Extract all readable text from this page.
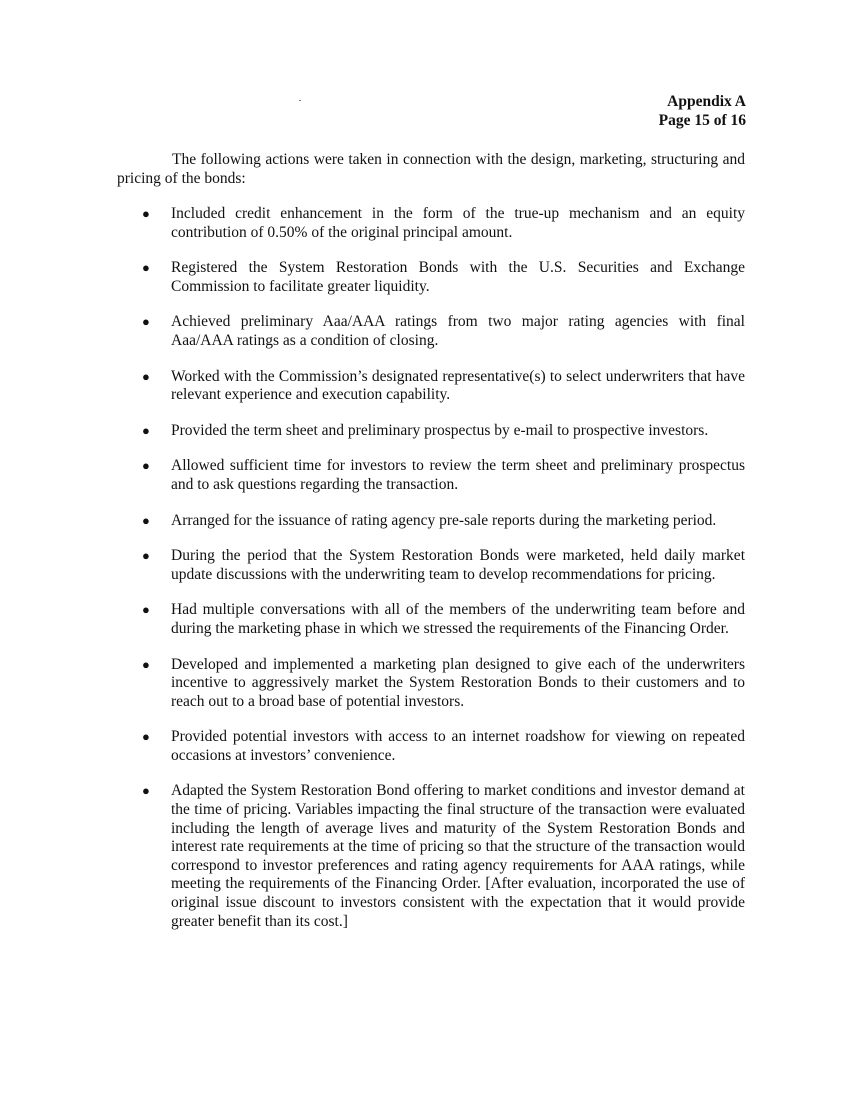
Appendix A
Page 15 of 16
The following actions were taken in connection with the design, marketing, structuring and pricing of the bonds:
● Included credit enhancement in the form of the true-up mechanism and an equity contribution of 0.50% of the original principal amount.
● Registered the System Restoration Bonds with the U.S. Securities and Exchange Commission to facilitate greater liquidity.
● Achieved preliminary Aaa/AAA ratings from two major rating agencies with final Aaa/AAA ratings as a condition of closing.
● Worked with the Commission’s designated representative(s) to select underwriters that have relevant experience and execution capability.
● Provided the term sheet and preliminary prospectus by e-mail to prospective investors.
● Allowed sufficient time for investors to review the term sheet and preliminary prospectus and to ask questions regarding the transaction.
● Arranged for the issuance of rating agency pre-sale reports during the marketing period.
● During the period that the System Restoration Bonds were marketed, held daily market update discussions with the underwriting team to develop recommendations for pricing.
● Had multiple conversations with all of the members of the underwriting team before and during the marketing phase in which we stressed the requirements of the Financing Order.
● Developed and implemented a marketing plan designed to give each of the underwriters incentive to aggressively market the System Restoration Bonds to their customers and to reach out to a broad base of potential investors.
● Provided potential investors with access to an internet roadshow for viewing on repeated occasions at investors’ convenience.
● Adapted the System Restoration Bond offering to market conditions and investor demand at the time of pricing. Variables impacting the final structure of the transaction were evaluated including the length of average lives and maturity of the System Restoration Bonds and interest rate requirements at the time of pricing so that the structure of the transaction would correspond to investor preferences and rating agency requirements for AAA ratings, while meeting the requirements of the Financing Order. [After evaluation, incorporated the use of original issue discount to investors consistent with the expectation that it would provide greater benefit than its cost.]
